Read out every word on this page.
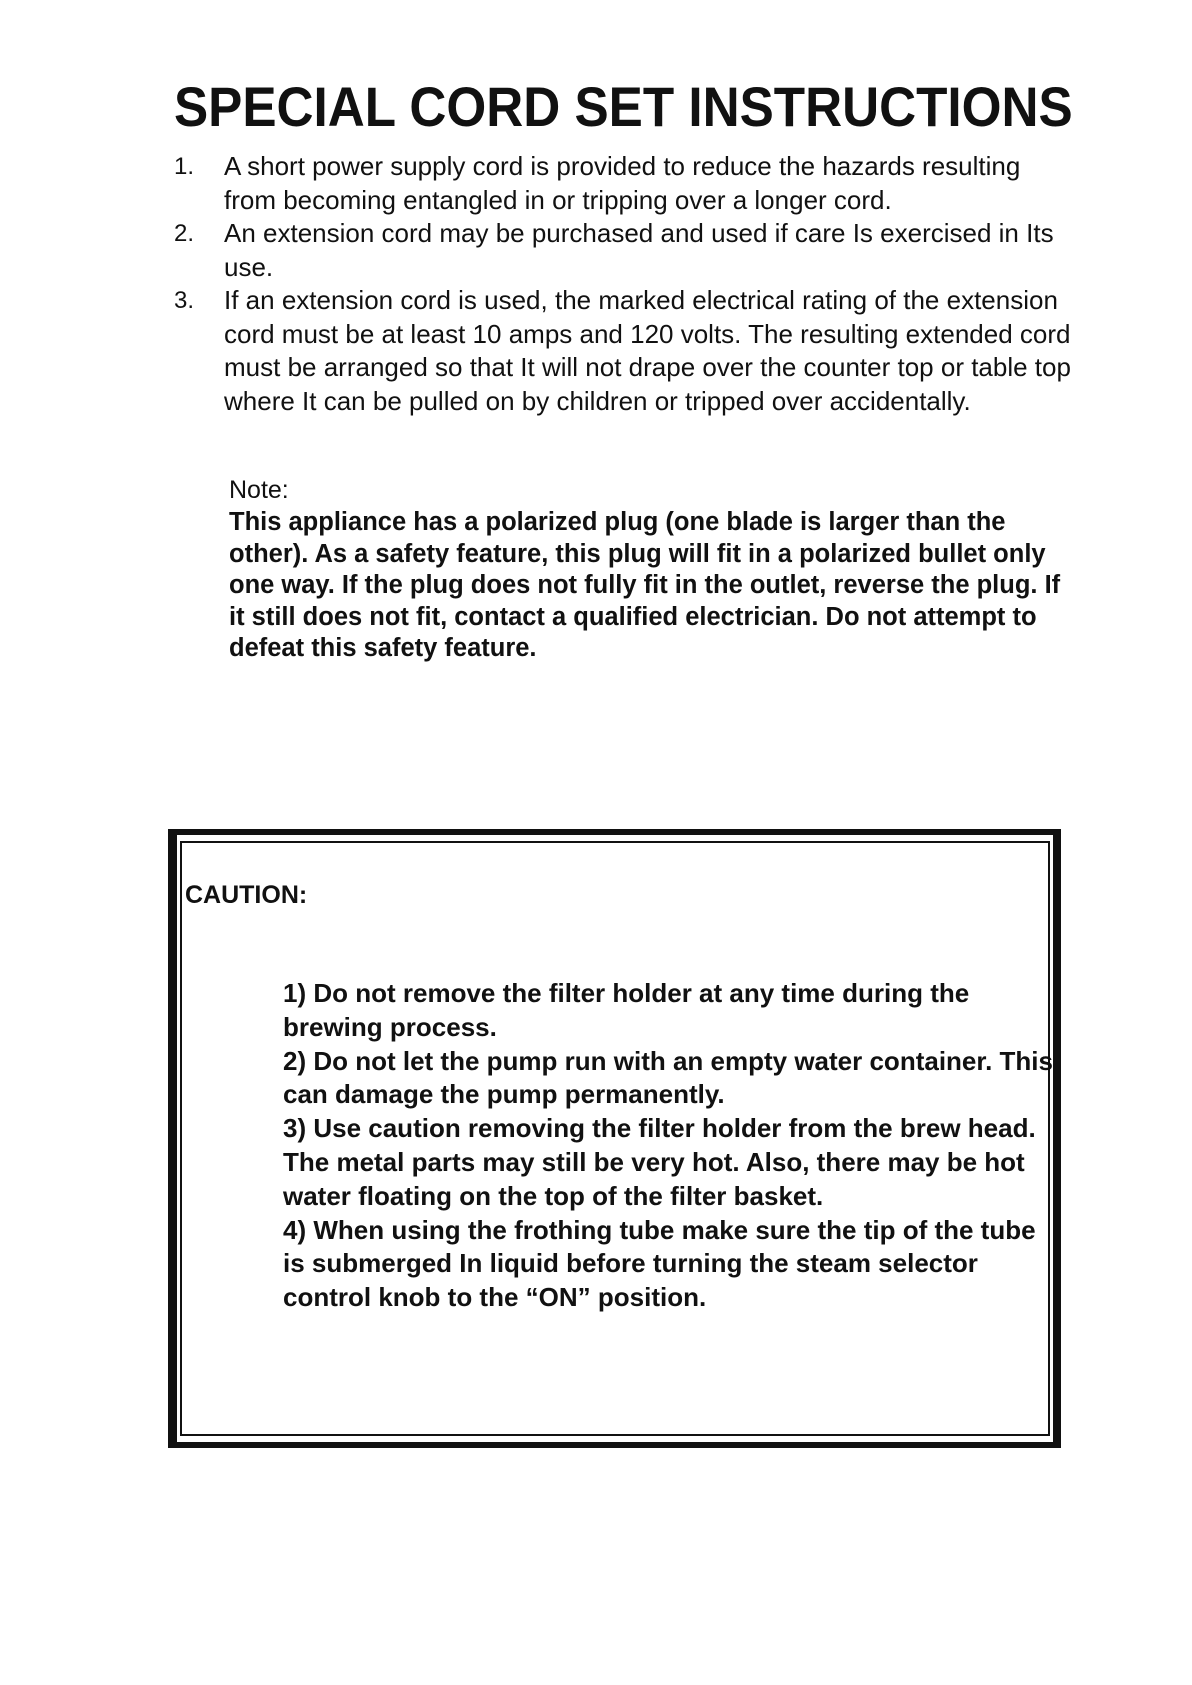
SPECIAL CORD SET INSTRUCTIONS
1.	A short power supply cord is provided to reduce the hazards resulting from becoming entangled in or tripping over a longer cord.
2.	An extension cord may be purchased and used if care Is exercised in Its use.
3.	If an extension cord is used, the marked electrical rating of the extension cord must be at least 10 amps and 120 volts. The resulting extended cord must be arranged so that It will not drape over the counter top or table top where It can be pulled on by children or tripped over accidentally.

Note:

This appliance has a polarized plug (one blade is larger than the other). As a safety feature, this plug will fit in a polarized bullet only one way. If the plug does not fully fit in the outlet, reverse the plug. If it still does not fit, contact a qualified electrician. Do not attempt to defeat this safety feature.

CAUTION:

1) Do not remove the filter holder at any time during the brewing process.

2) Do not let the pump run with an empty water container. This can damage the pump permanently.

3) Use caution removing the filter holder from the brew head. The metal parts may still be very hot. Also, there may be hot water floating on the top of the filter basket.

4) When using the frothing tube make sure the tip of the tube is submerged In liquid before turning the steam selector control knob to the “ON” position.
